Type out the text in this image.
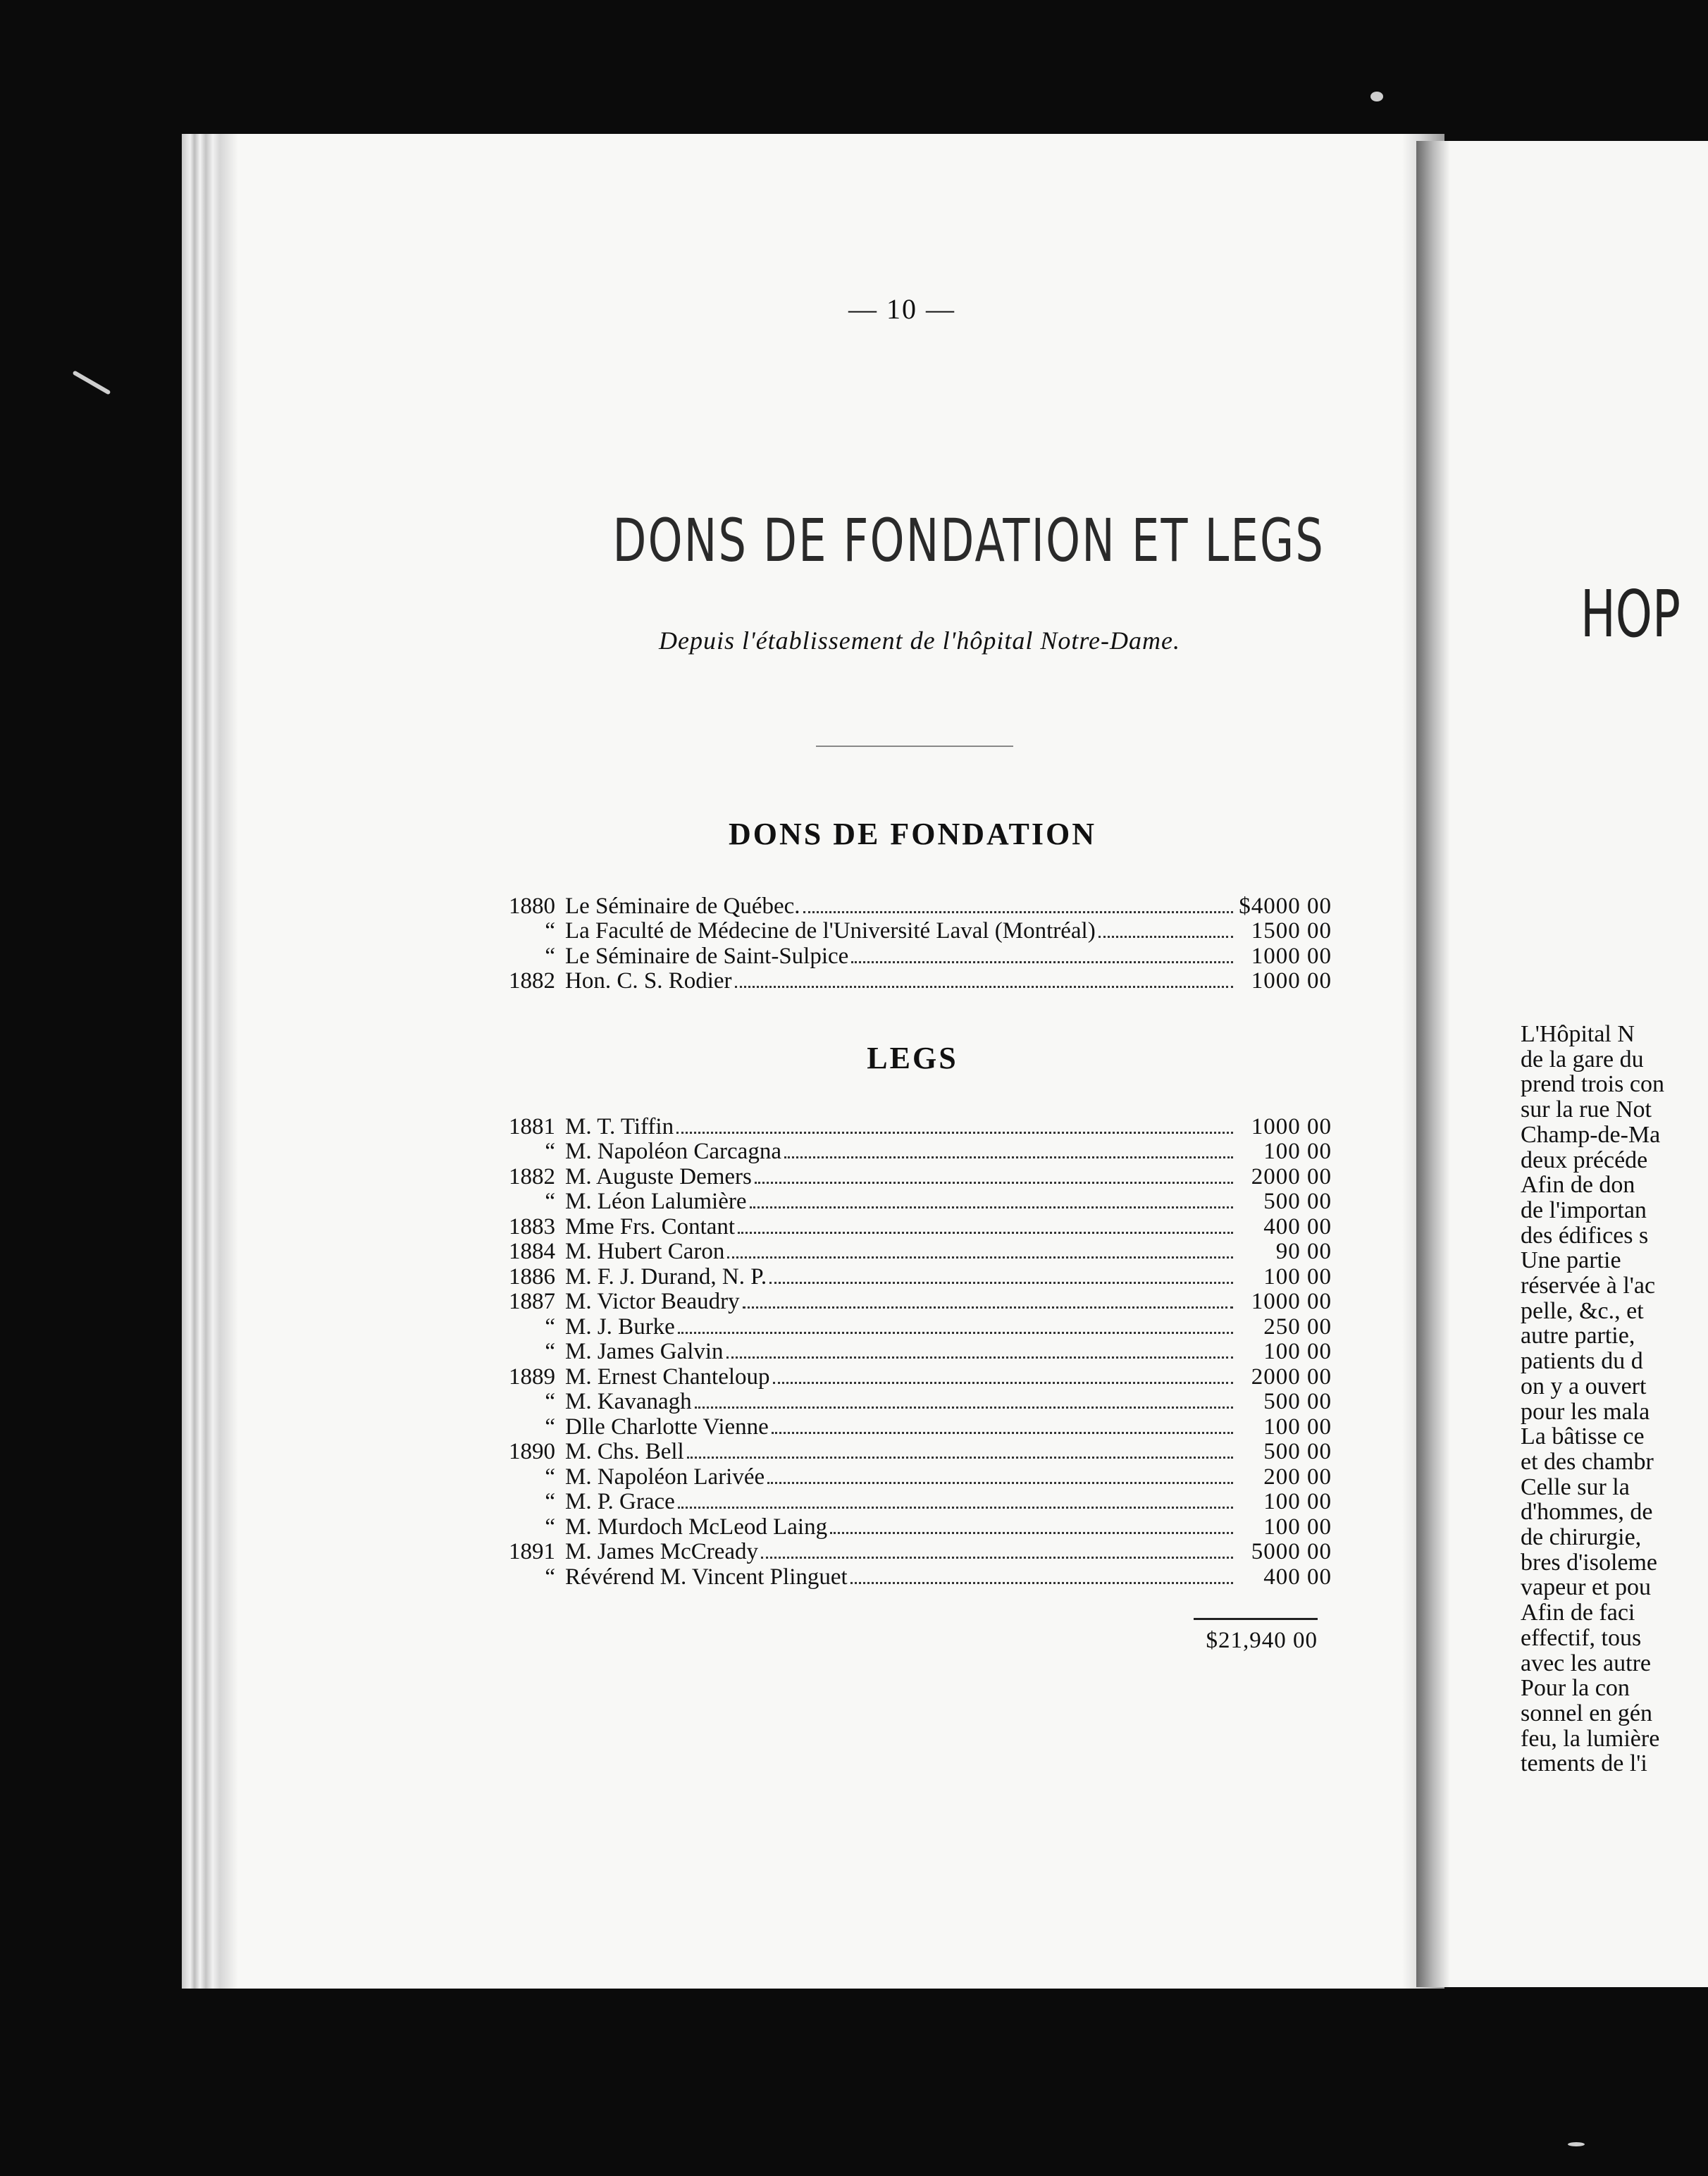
HOP
L'Hôpital N
de la gare du
prend trois con
sur la rue Not
Champ-de-Ma
deux précéde
Afin de don
de l'importan
des édifices s
Une partie
réservée à l'ac
pelle, &c., et
autre partie,
patients du d
on y a ouvert
pour les mala
La bâtisse ce
et des chambr
Celle sur la
d'hommes, de
de chirurgie,
bres d'isoleme
vapeur et pou
Afin de faci
effectif, tous
avec les autre
Pour la con
sonnel en gén
feu, la lumière
tements de l'i
— 10 —
DONS DE FONDATION ET LEGS
Depuis l'établissement de l'hôpital Notre-Dame.
DONS DE FONDATION
1880 Le Séminaire de Québec.	$4000 00
“ La Faculté de Médecine de l'Université Laval (Montréal)	1500 00
“ Le Séminaire de Saint-Sulpice	1000 00
1882 Hon. C. S. Rodier	1000 00
LEGS
1881 M. T. Tiffin	1000 00
“ M. Napoléon Carcagna	100 00
1882 M. Auguste Demers	2000 00
“ M. Léon Lalumière	500 00
1883 Mme Frs. Contant	400 00
1884 M. Hubert Caron	90 00
1886 M. F. J. Durand, N. P.	100 00
1887 M. Victor Beaudry	1000 00
“ M. J. Burke	250 00
“ M. James Galvin	100 00
1889 M. Ernest Chanteloup	2000 00
“ M. Kavanagh	500 00
“ Dlle Charlotte Vienne	100 00
1890 M. Chs. Bell	500 00
“ M. Napoléon Larivée	200 00
“ M. P. Grace	100 00
“ M. Murdoch McLeod Laing	100 00
1891 M. James McCready	5000 00
“ Révérend M. Vincent Plinguet	400 00
$21,940 00
